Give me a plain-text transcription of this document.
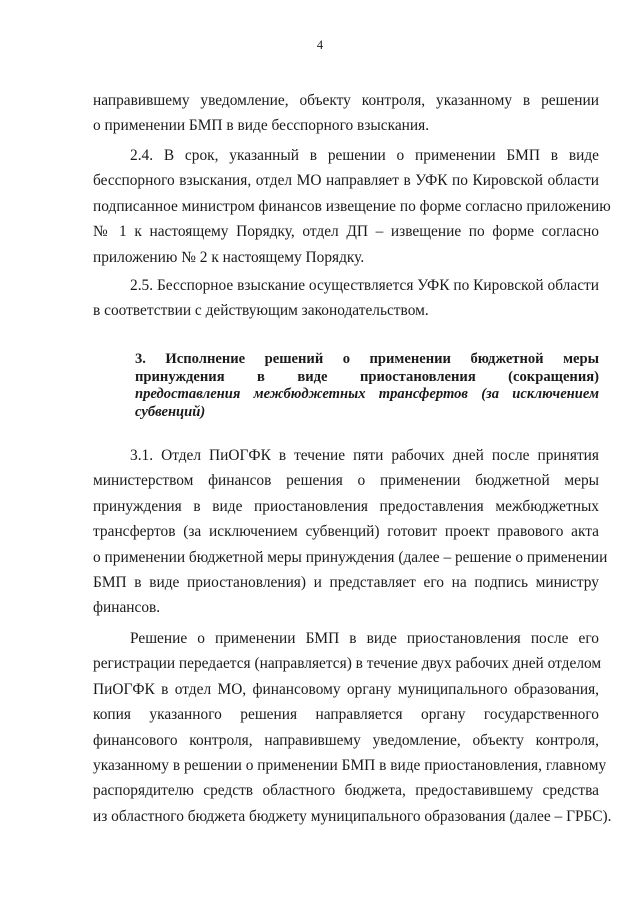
4

направившему уведомление, объекту контроля, указанному в решении
о применении БМП в виде бесспорного взыскания.

2.4. В срок, указанный в решении о применении БМП в виде
бесспорного взыскания, отдел МО направляет в УФК по Кировской области
подписанное министром финансов извещение по форме согласно приложению
№ 1 к настоящему Порядку, отдел ДП – извещение по форме согласно
приложению № 2 к настоящему Порядку.

2.5. Бесспорное взыскание осуществляется УФК по Кировской области
в соответствии с действующим законодательством.

3. Исполнение решений о применении бюджетной меры
принуждения в виде приостановления (сокращения)
предоставления межбюджетных трансфертов (за исключением
субвенций)

3.1. Отдел ПиОГФК в течение пяти рабочих дней после принятия
министерством финансов решения о применении бюджетной меры
принуждения в виде приостановления предоставления межбюджетных
трансфертов (за исключением субвенций) готовит проект правового акта
о применении бюджетной меры принуждения (далее – решение о применении
БМП в виде приостановления) и представляет его на подпись министру
финансов.

Решение о применении БМП в виде приостановления после его
регистрации передается (направляется) в течение двух рабочих дней отделом
ПиОГФК в отдел МО, финансовому органу муниципального образования,
копия указанного решения направляется органу государственного
финансового контроля, направившему уведомление, объекту контроля,
указанному в решении о применении БМП в виде приостановления, главному
распорядителю средств областного бюджета, предоставившему средства
из областного бюджета бюджету муниципального образования (далее – ГРБС).
